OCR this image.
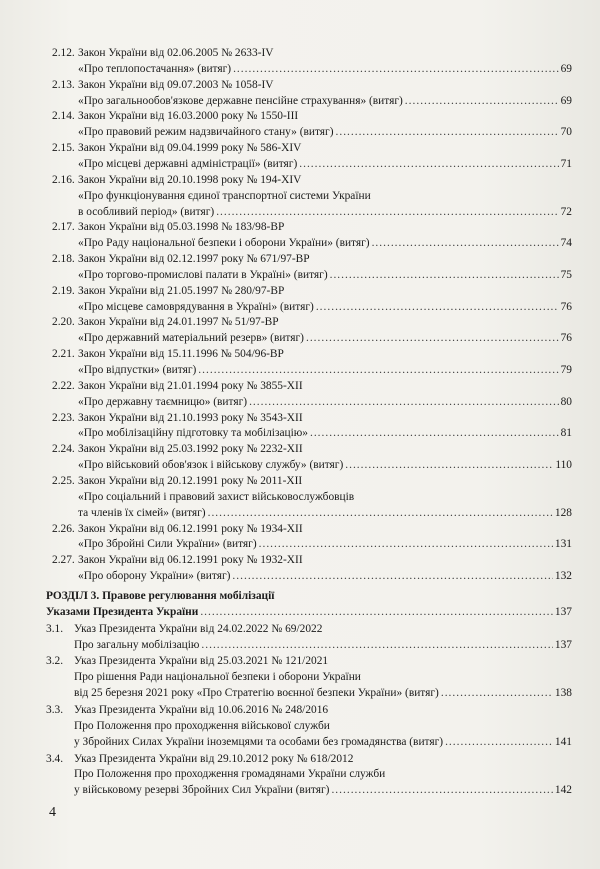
2.12. Закон України від 02.06.2005 № 2633-IV
«Про теплопостачання» (витяг) .....	69
2.13. Закон України від 09.07.2003 № 1058-IV
«Про загальнообов'язкове державне пенсійне страхування» (витяг) .....	69
2.14. Закон України від 16.03.2000 року № 1550-III
«Про правовий режим надзвичайного стану» (витяг) .....	70
2.15. Закон України від 09.04.1999 року № 586-XIV
«Про місцеві державні адміністрації» (витяг) .....	71
2.16. Закон України від 20.10.1998 року № 194-XIV
«Про функціонування єдиної транспортної системи України
в особливий період» (витяг) .....	72
2.17. Закон України від 05.03.1998 № 183/98-ВР
«Про Раду національної безпеки і оборони України» (витяг) .....	74
2.18. Закон України від 02.12.1997 року № 671/97-ВР
«Про торгово-промислові палати в Україні» (витяг) .....	75
2.19. Закон України від 21.05.1997 № 280/97-ВР
«Про місцеве самоврядування в Україні» (витяг) .....	76
2.20. Закон України від 24.01.1997 № 51/97-ВР
«Про державний матеріальний резерв» (витяг) .....	76
2.21. Закон України від 15.11.1996 № 504/96-ВР
«Про відпустки» (витяг) .....	79
2.22. Закон України від 21.01.1994 року № 3855-XII
«Про державну таємницю» (витяг) .....	80
2.23. Закон України від 21.10.1993 року № 3543-XII
«Про мобілізаційну підготовку та мобілізацію» .....	81
2.24. Закон України від 25.03.1992 року № 2232-XII
«Про військовий обов'язок і військову службу» (витяг) .....	110
2.25. Закон України від 20.12.1991 року № 2011-XII
«Про соціальний і правовий захист військовослужбовців
та членів їх сімей» (витяг) .....	128
2.26. Закон України від 06.12.1991 року № 1934-XII
«Про Збройні Сили України» (витяг) .....	131
2.27. Закон України від 06.12.1991 року № 1932-XII
«Про оборону України» (витяг) .....	132
РОЗДІЛ 3. Правове регулювання мобілізації
Указами Президента України .....	137
3.1. Указ Президента України від 24.02.2022 № 69/2022
Про загальну мобілізацію .....	137
3.2. Указ Президента України від 25.03.2021 № 121/2021
Про рішення Ради національної безпеки і оборони України
від 25 березня 2021 року «Про Стратегію воєнної безпеки України» (витяг) .....	138
3.3. Указ Президента України від 10.06.2016 № 248/2016
Про Положення про проходження військової служби
у Збройних Силах України іноземцями та особами без громадянства (витяг) .....	141
3.4. Указ Президента України від 29.10.2012 року № 618/2012
Про Положення про проходження громадянами України служби
у військовому резерві Збройних Сил України (витяг) .....	142
4
